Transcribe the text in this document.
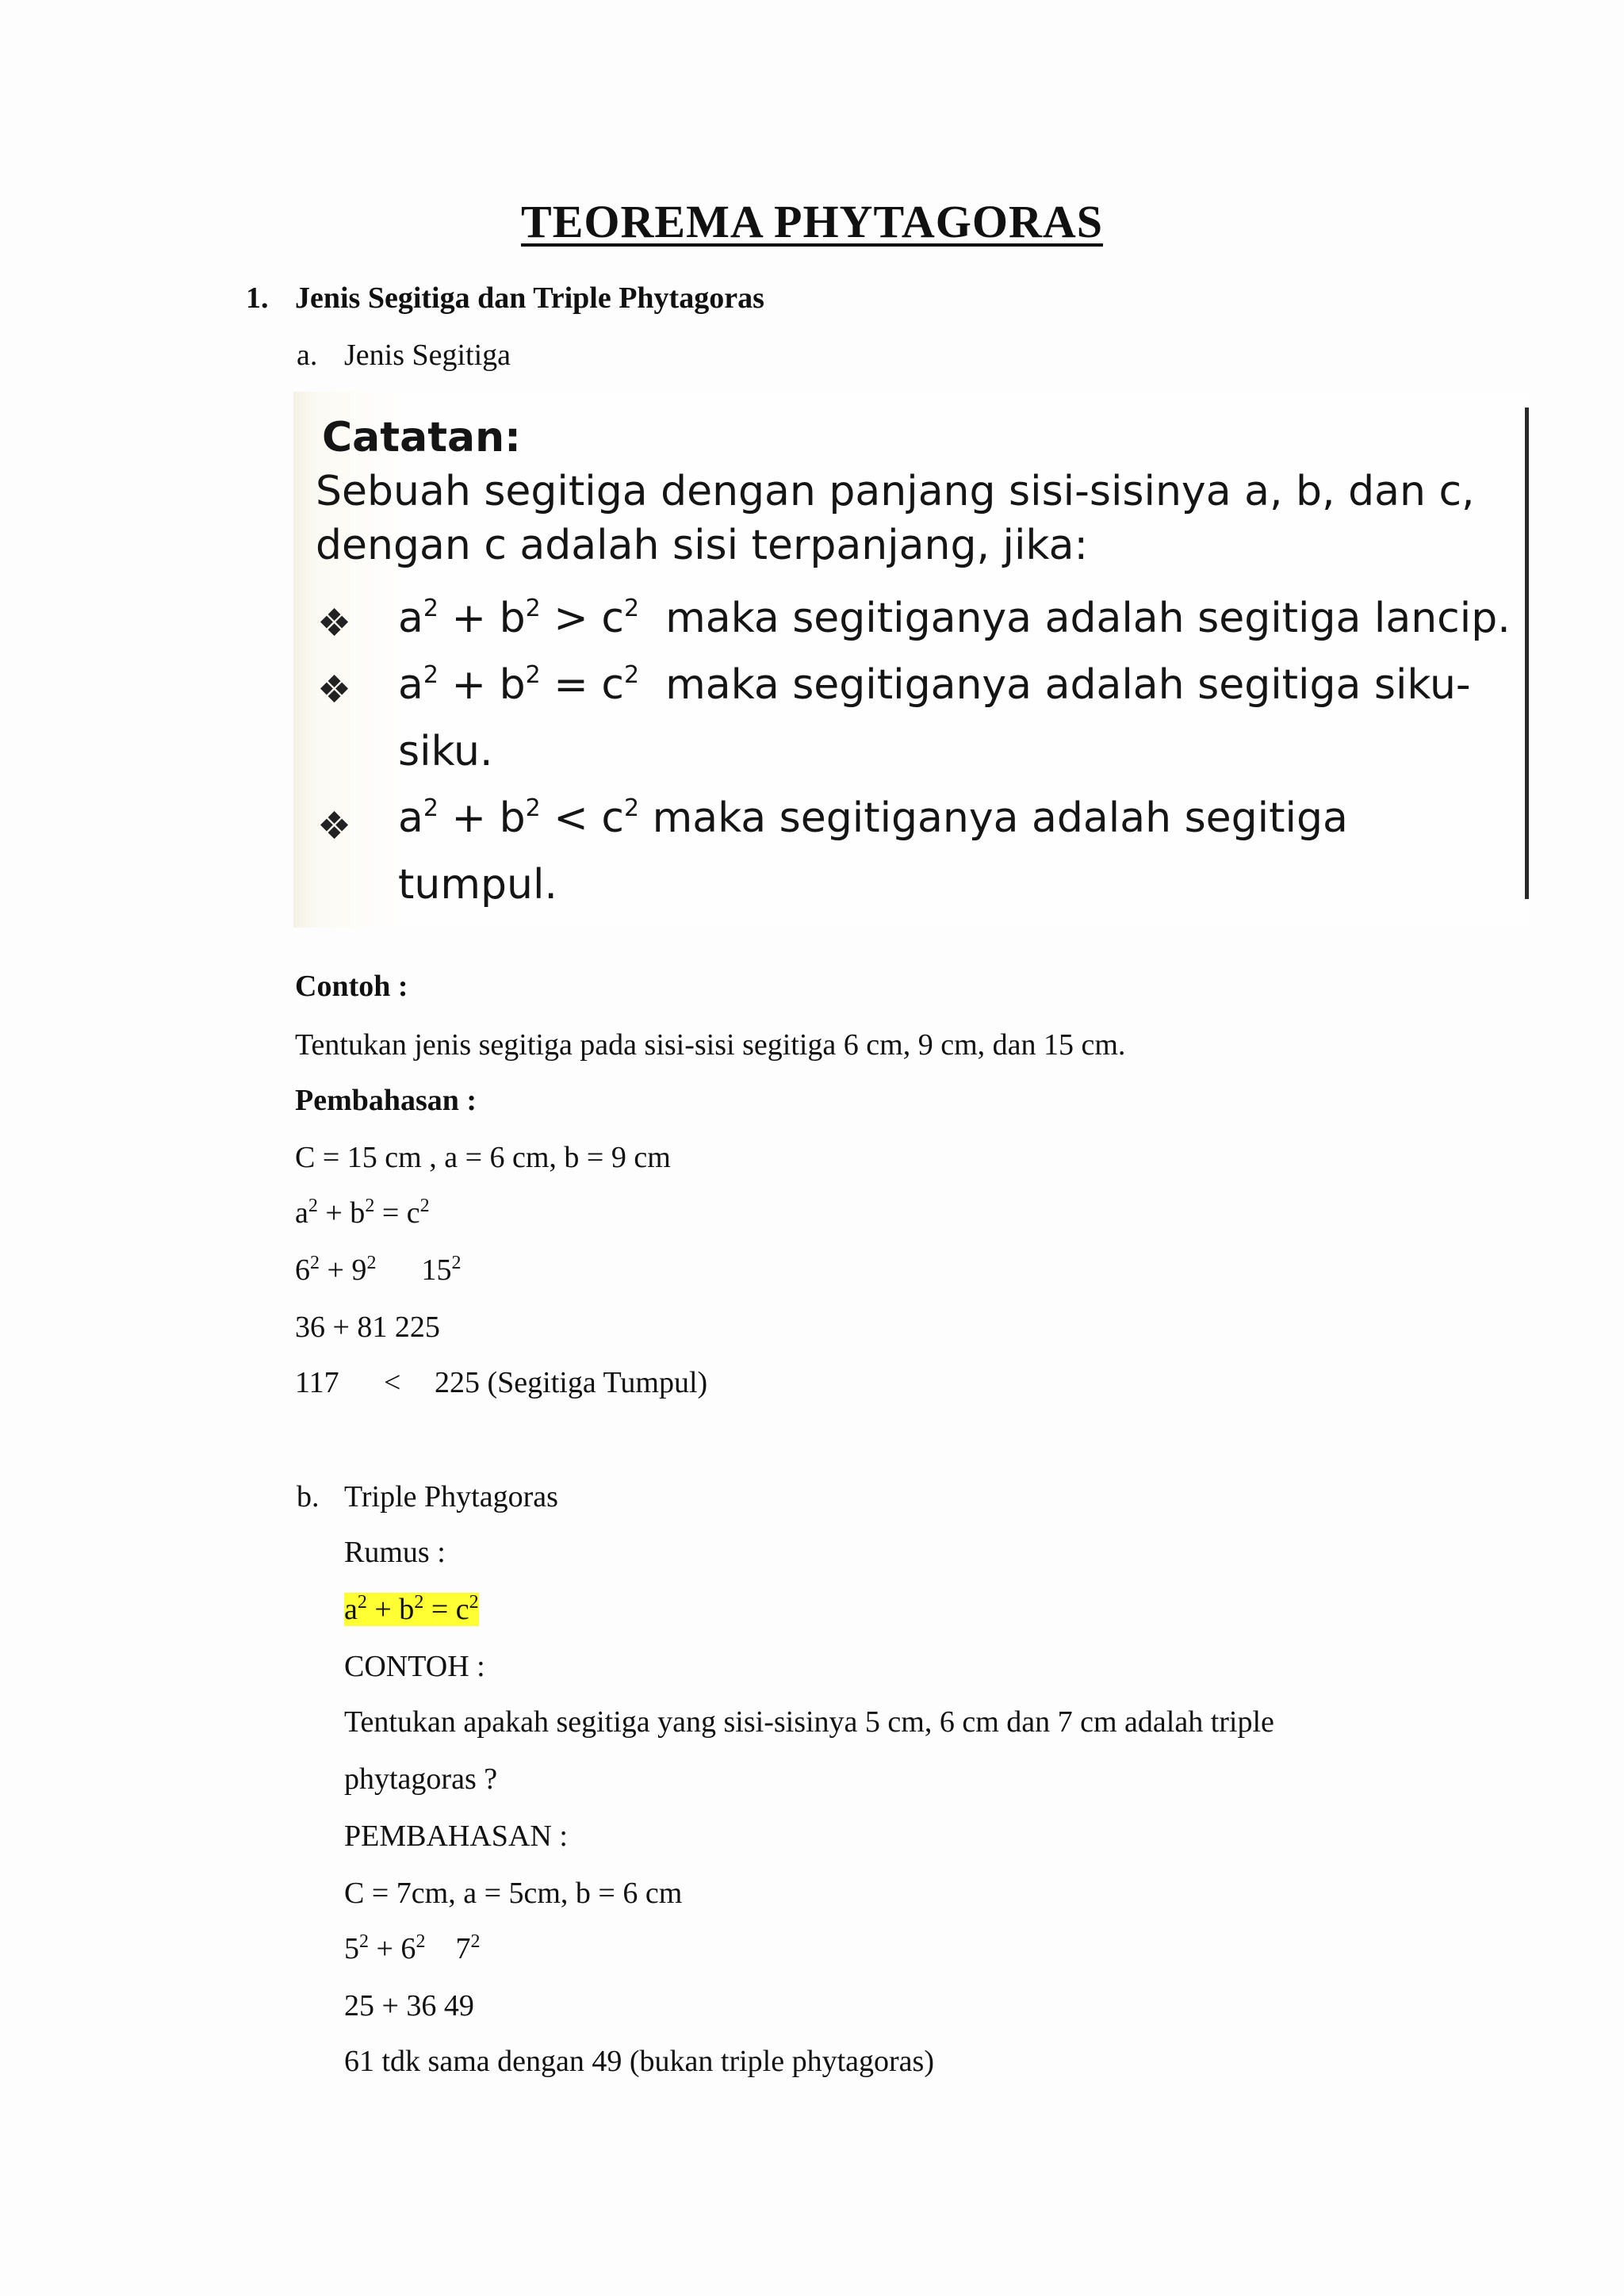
TEOREMA PHYTAGORAS
1. Jenis Segitiga dan Triple Phytagoras
a. Jenis Segitiga
Catatan:
Sebuah segitiga dengan panjang sisi-sisinya a, b, dan c,
dengan c adalah sisi terpanjang, jika:
❖ $a^2 + b^2 > c^2$ maka segitiganya adalah segitiga lancip.
❖ $a^2 + b^2 = c^2$ maka segitiganya adalah segitiga siku-
siku.
❖ $a^2 + b^2 < c^2$ maka segitiganya adalah segitiga
tumpul.
Contoh :
Tentukan jenis segitiga pada sisi-sisi segitiga 6 cm, 9 cm, dan 15 cm.
Pembahasan :
C = 15 cm , a = 6 cm, b = 9 cm
$a^2 + b^2 = c^2$
$6^2 + 9^2$      $15^2$
36 + 81 225
117 < 225 (Segitiga Tumpul)
b. Triple Phytagoras
Rumus :
$a^2 + b^2 = c^2$
CONTOH :
Tentukan apakah segitiga yang sisi-sisinya 5 cm, 6 cm dan 7 cm adalah triple
phytagoras ?
PEMBAHASAN :
C = 7cm, a = 5cm, b = 6 cm
$5^2 + 6^2$    $7^2$
25 + 36 49
61 tdk sama dengan 49 (bukan triple phytagoras)
